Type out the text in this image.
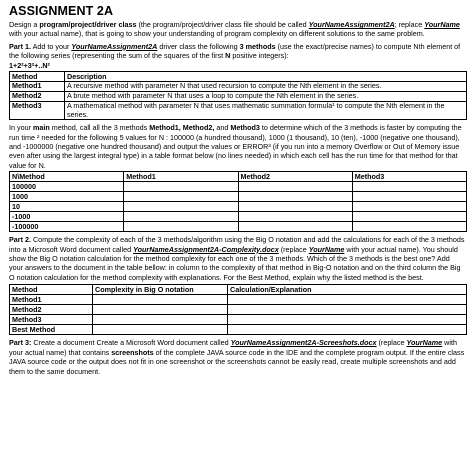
ASSIGNMENT 2A

Design a program/project/driver class (the program/project/driver class file should be called YourNameAssignment2A; replace YourName with your actual name), that is going to show your understanding of program complexity on different solutions to the same problem.

Part 1. Add to your YourNameAssignment2A driver class the following 3 methods (use the exact/precise names) to compute Nth element of the following series (representing the sum of the squares of the first N positive integers):

1+2²+3²+..N²

Method	Description
Method1	A recursive method with parameter N that used recursion to compute the Nth element in the series.
Method2	A brute method with parameter N that uses a loop to compute the Nth element in the series.
Method3	A mathematical method with parameter N that uses mathematic summation formula¹ to compute the Nth element in the series.

In your main method, call all the 3 methods Method1, Method2, and Method3 to determine which of the 3 methods is faster by computing the run time ² needed for the following 5 values for N : 100000 (a hundred thousand), 1000 (1 thousand), 10 (ten), -1000 (negative one thousand), and -1000000 (negative one hundred thousand) and output the values or ERROR³ (if you run into a memory Overflow or Out of Memory issue even after using the largest integral type) in a table format below (no lines needed) in which each cell has the run time for that method for that value for N.

N\Method	Method1	Method2	Method3
100000			
1000			
10			
-1000			
-100000			

Part 2. Compute the complexity of each of the 3 methods/algorithm using the Big O notation and add the calculations for each of the 3 methods into a Microsoft Word document called YourNameAssignment2A-Complexity.docx (replace YourName with your actual name). You should show the Big O notation calculation for the method complexity for each one of the 3 methods. Which of the 3 methods is the best one? Add your answers to the document in the table bellow: in column to the complexity of that method in Big-O notation and on the third column the Big O notation calculation for the method complexity with explanations. For the Best Method, explain why the listed method is the best.

Method	Complexity in Big O notation	Calculation/Explanation
Method1		
Method2		
Method3		
Best Method		

Part 3: Create a document Create a Microsoft Word document called YourNameAssignment2A-Screeshots.docx (replace YourName with your actual name) that contains screenshots of the complete JAVA source code in the IDE and the complete program output. If the entire class JAVA source code or the output does not fit in one screenshot or the screenshots cannot be easily read, create multiple screenshots and add them to the same document.
